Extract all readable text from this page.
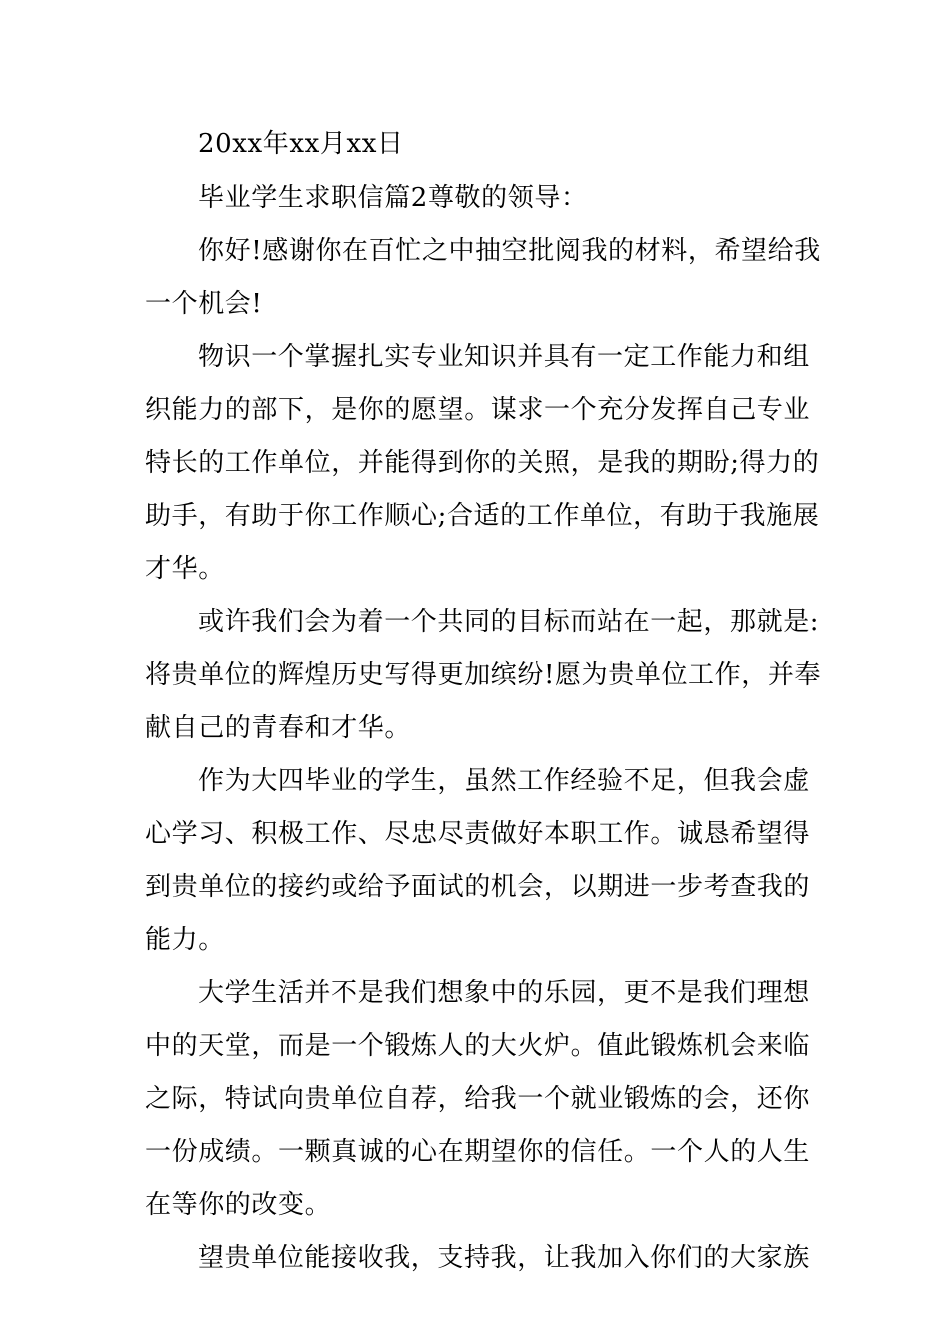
20xx年xx月xx日
毕业学生求职信篇2尊敬的领导：
你好!感谢你在百忙之中抽空批阅我的材料，希望给我
一个机会!
物识一个掌握扎实专业知识并具有一定工作能力和组
织能力的部下，是你的愿望。谋求一个充分发挥自己专业
特长的工作单位，并能得到你的关照，是我的期盼;得力的
助手，有助于你工作顺心;合适的工作单位，有助于我施展
才华。
或许我们会为着一个共同的目标而站在一起，那就是:
将贵单位的辉煌历史写得更加缤纷!愿为贵单位工作，并奉
献自己的青春和才华。
作为大四毕业的学生，虽然工作经验不足，但我会虚
心学习、积极工作、尽忠尽责做好本职工作。诚恳希望得
到贵单位的接约或给予面试的机会，以期进一步考查我的
能力。
大学生活并不是我们想象中的乐园，更不是我们理想
中的天堂，而是一个锻炼人的大火炉。值此锻炼机会来临
之际，特试向贵单位自荐，给我一个就业锻炼的会，还你
一份成绩。一颗真诚的心在期望你的信任。一个人的人生
在等你的改变。
望贵单位能接收我，支持我，让我加入你们的大家族
